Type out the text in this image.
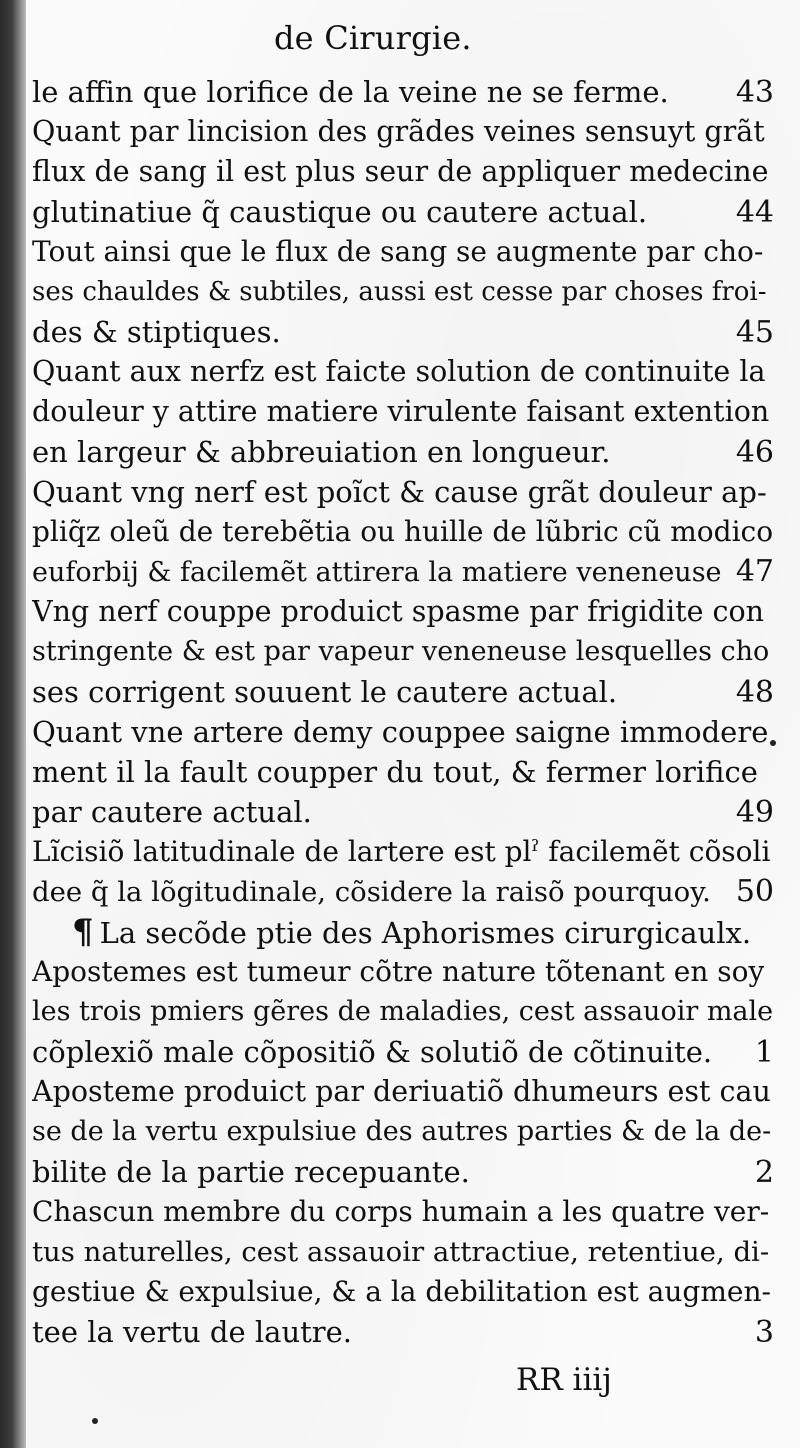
de Cirurgie.
le affin que lorifice de la veine ne se ferme.	43
Quant par lincision des grãdes veines sensuyt grãt
flux de sang il est plus seur de appliquer medecine
glutinatiue q̃ caustique ou cautere actual.	44
Tout ainsi que le flux de sang se augmente par cho-
ses chauldes & subtiles, aussi est cesse par choses froi-
des & stiptiques.	45
Quant aux nerfz est faicte solution de continuite la
douleur y attire matiere virulente faisant extention
en largeur & abbreuiation en longueur.	46
Quant vng nerf est poĩct & cause grãt douleur ap-
pliq̃z oleũ de terebẽtia ou huille de lũbric cũ modico
euforbij & facilemẽt attirera la matiere veneneuse 47
Vng nerf couppe produict spasme par frigidite con
stringente & est par vapeur veneneuse lesquelles cho
ses corrigent souuent le cautere actual.	48
Quant vne artere demy couppee saigne immodere
ment il la fault coupper du tout, & fermer lorifice
par cautere actual.	49
Lĩcisiõ latitudinale de lartere est plˀ facilemẽt cõsoli
dee q̃ la lõgitudinale, cõsidere la raisõ pourquoy. 50
¶ La secõde ptie des Aphorismes cirurgicaulx.
Apostemes est tumeur cõtre nature tõtenant en soy
les trois pmiers gẽres de maladies, cest assauoir male
cõplexiõ male cõpositiõ & solutiõ de cõtinuite.	1
Aposteme produict par deriuatiõ dhumeurs est cau
se de la vertu expulsiue des autres parties & de la de-
bilite de la partie recepuante.	2
Chascun membre du corps humain a les quatre ver-
tus naturelles, cest assauoir attractiue, retentiue, di-
gestiue & expulsiue, & a la debilitation est augmen-
tee la vertu de lautre.	3
RR iiij
